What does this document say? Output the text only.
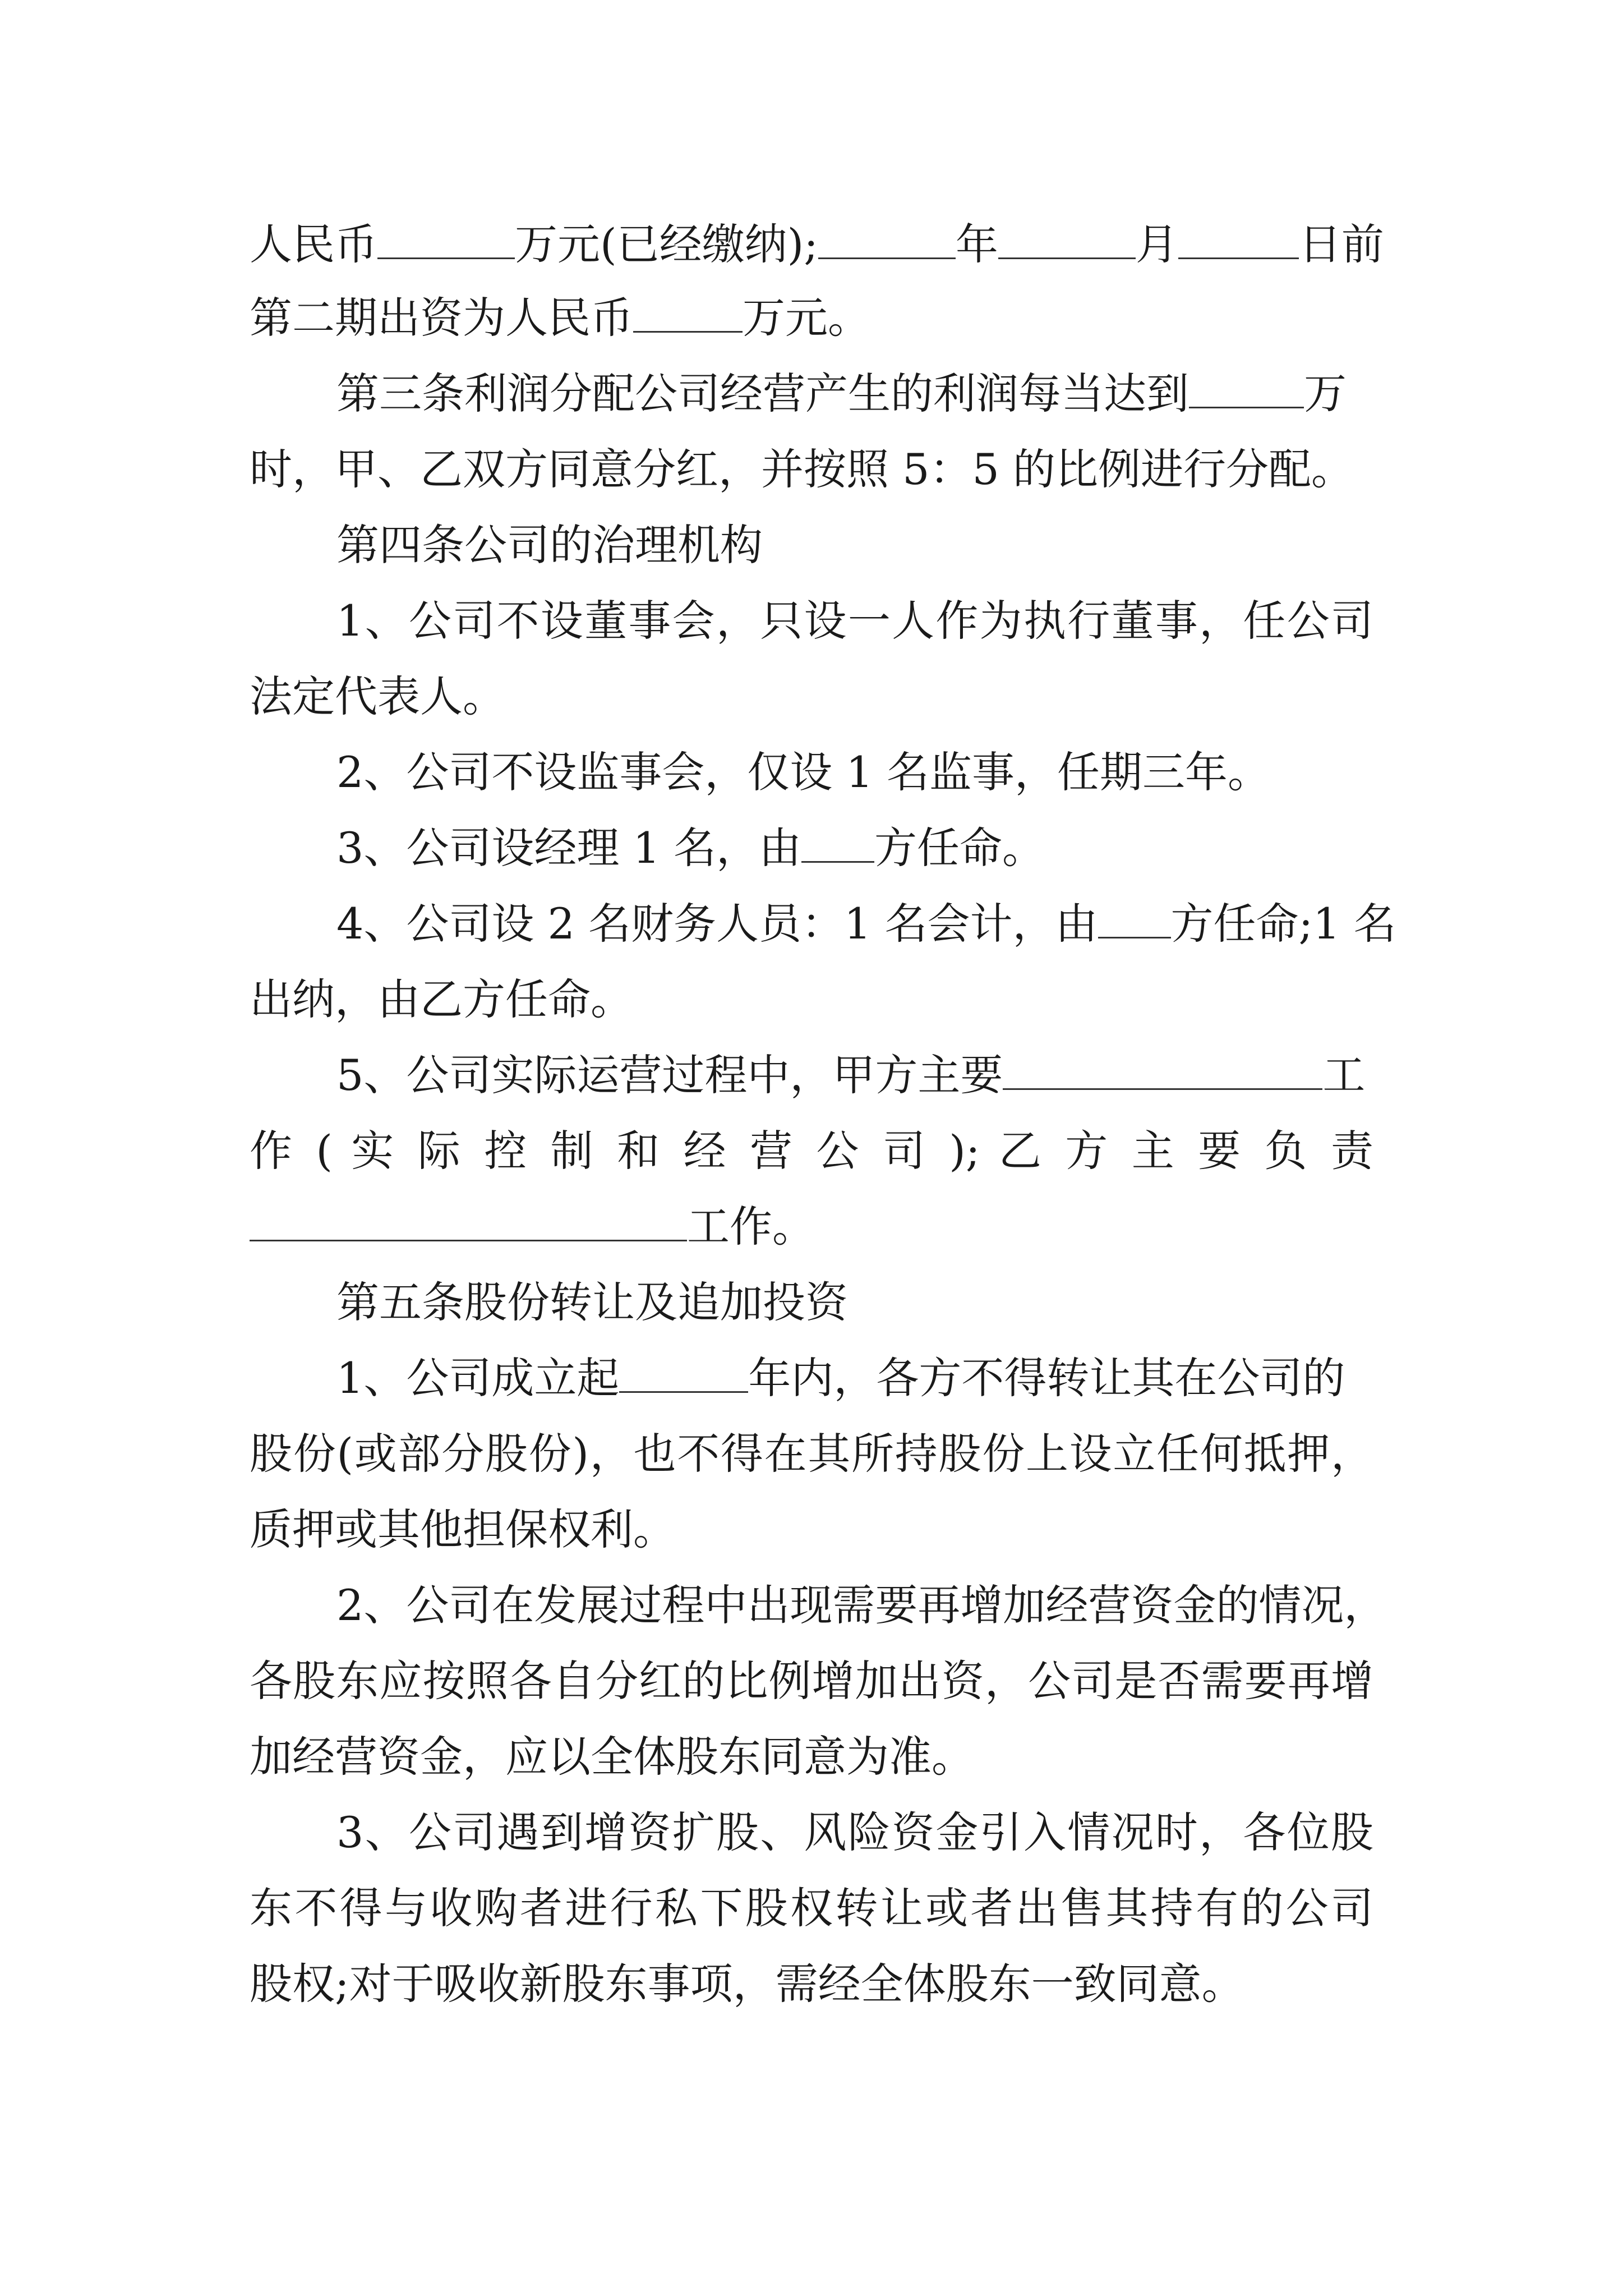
人民币	万元(已经缴纳);	年	月	日前
第二期出资为人民币	万元。
第三条利润分配公司经营产生的利润每当达到	万
时，甲、乙双方同意分红，并按照 5：5 的比例进行分配。
第四条公司的治理机构
1、公司不设董事会，只设一人作为执行董事，任公司
法定代表人。
2、公司不设监事会，仅设 1 名监事，任期三年。
3、公司设经理 1 名，由 方任命。
4、公司设 2 名财务人员：1 名会计，由 方任命;1 名
出纳，由乙方任命。
5、公司实际运营过程中，甲方主要	工
作 ( 实 际 控 制 和 经 营 公 司 ); 乙 方 主 要 负 责
工作。
第五条股份转让及追加投资
1、公司成立起	年内，各方不得转让其在公司的
股份(或部分股份)，也不得在其所持股份上设立任何抵押，
质押或其他担保权利。
2、公司在发展过程中出现需要再增加经营资金的情况，
各股东应按照各自分红的比例增加出资，公司是否需要再增
加经营资金，应以全体股东同意为准。
3、公司遇到增资扩股、风险资金引入情况时，各位股
东不得与收购者进行私下股权转让或者出售其持有的公司
股权;对于吸收新股东事项，需经全体股东一致同意。
